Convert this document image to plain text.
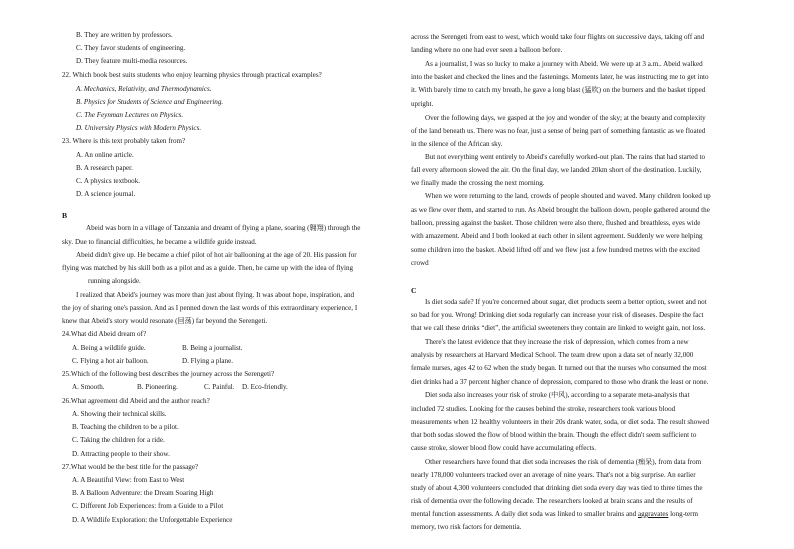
B. They are written by professors.
C. They favor students of engineering.
D. They feature multi-media resources.
22. Which book best suits students who enjoy learning physics through practical examples?
A. Mechanics, Relativity, and Thermodynamics.
B. Physics for Students of Science and Engineering.
C. The Feynman Lectures on Physics.
D. University Physics with Modern Physics.
23. Where is this text probably taken from?
A. An online article.
B. A research paper.
C. A physics textbook.
D. A science journal.
B
Abeid was born in a village of Tanzania and dreamt of flying a plane, soaring (翱翔) through the
sky. Due to financial difficulties, he became a wildlife guide instead.
Abeid didn't give up. He became a chief pilot of hot air ballooning at the age of 20. His passion for
flying was matched by his skill both as a pilot and as a guide. Then, he came up with the idea of flying
running alongside.
I realized that Abeid's journey was more than just about flying. It was about hope, inspiration, and
the joy of sharing one's passion. And as I penned down the last words of this extraordinary experience, I
knew that Abeid's story would resonate (回荡) far beyond the Serengeti.
24.What did Abeid dream of?
A. Being a wildlife guide.	B. Being a journalist.
C. Flying a hot air balloon.	D. Flying a plane.
25.Which of the following best describes the journey across the Serengeti?
A. Smooth.	B. Pioneering.	C. Painful. D. Eco-friendly.
26.What agreement did Abeid and the author reach?
A. Showing their technical skills.
B. Teaching the children to be a pilot.
C. Taking the children for a ride.
D. Attracting people to their show.
27.What would be the best title for the passage?
A. A Beautiful View: from East to West
B. A Balloon Adventure: the Dream Soaring High
C. Different Job Experiences: from a Guide to a Pilot
D. A Wildlife Exploration: the Unforgettable Experience
across the Serengeti from east to west, which would take four flights on successive days, taking off and
landing where no one had ever seen a balloon before.
As a journalist, I was so lucky to make a journey with Abeid. We were up at 3 a.m.. Abeid walked
into the basket and checked the lines and the fastenings. Moments later, he was instructing me to get into
it. With barely time to catch my breath, he gave a long blast (猛吹) on the burners and the basket tipped
upright.
Over the following days, we gasped at the joy and wonder of the sky; at the beauty and complexity
of the land beneath us. There was no fear, just a sense of being part of something fantastic as we floated
in the silence of the African sky.
But not everything went entirely to Abeid's carefully worked-out plan. The rains that had started to
fall every afternoon slowed the air. On the final day, we landed 20km short of the destination. Luckily,
we finally made the crossing the next morning.
When we were returning to the land, crowds of people shouted and waved. Many children looked up
as we flew over them, and started to run. As Abeid brought the balloon down, people gathered around the
balloon, pressing against the basket. Those children were also there, flushed and breathless, eyes wide
with amazement. Abeid and I both looked at each other in silent agreement. Suddenly we were helping
some children into the basket. Abeid lifted off and we flew just a few hundred metres with the excited
crowd
C
Is diet soda safe? If you're concerned about sugar, diet products seem a better option, sweet and not
so bad for you. Wrong! Drinking diet soda regularly can increase your risk of diseases. Despite the fact
that we call these drinks “diet”, the artificial sweeteners they contain are linked to weight gain, not loss.
There's the latest evidence that they increase the risk of depression, which comes from a new
analysis by researchers at Harvard Medical School. The team drew upon a data set of nearly 32,000
female nurses, ages 42 to 62 when the study began. It turned out that the nurses who consumed the most
diet drinks had a 37 percent higher chance of depression, compared to those who drank the least or none.
Diet soda also increases your risk of stroke (中风), according to a separate meta-analysis that
included 72 studies. Looking for the causes behind the stroke, researchers took various blood
measurements when 12 healthy volunteers in their 20s drank water, soda, or diet soda. The result showed
that both sodas slowed the flow of blood within the brain. Though the effect didn't seem sufficient to
cause stroke, slower blood flow could have accumulating effects.
Other researchers have found that diet soda increases the risk of dementia (痴呆), from data from
nearly 178,000 volunteers tracked over an average of nine years. That's not a big surprise. An earlier
study of about 4,300 volunteers concluded that drinking diet soda every day was tied to three times the
risk of dementia over the following decade. The researchers looked at brain scans and the results of
mental function assessments. A daily diet soda was linked to smaller brains and aggravates long-term
memory, two risk factors for dementia.
